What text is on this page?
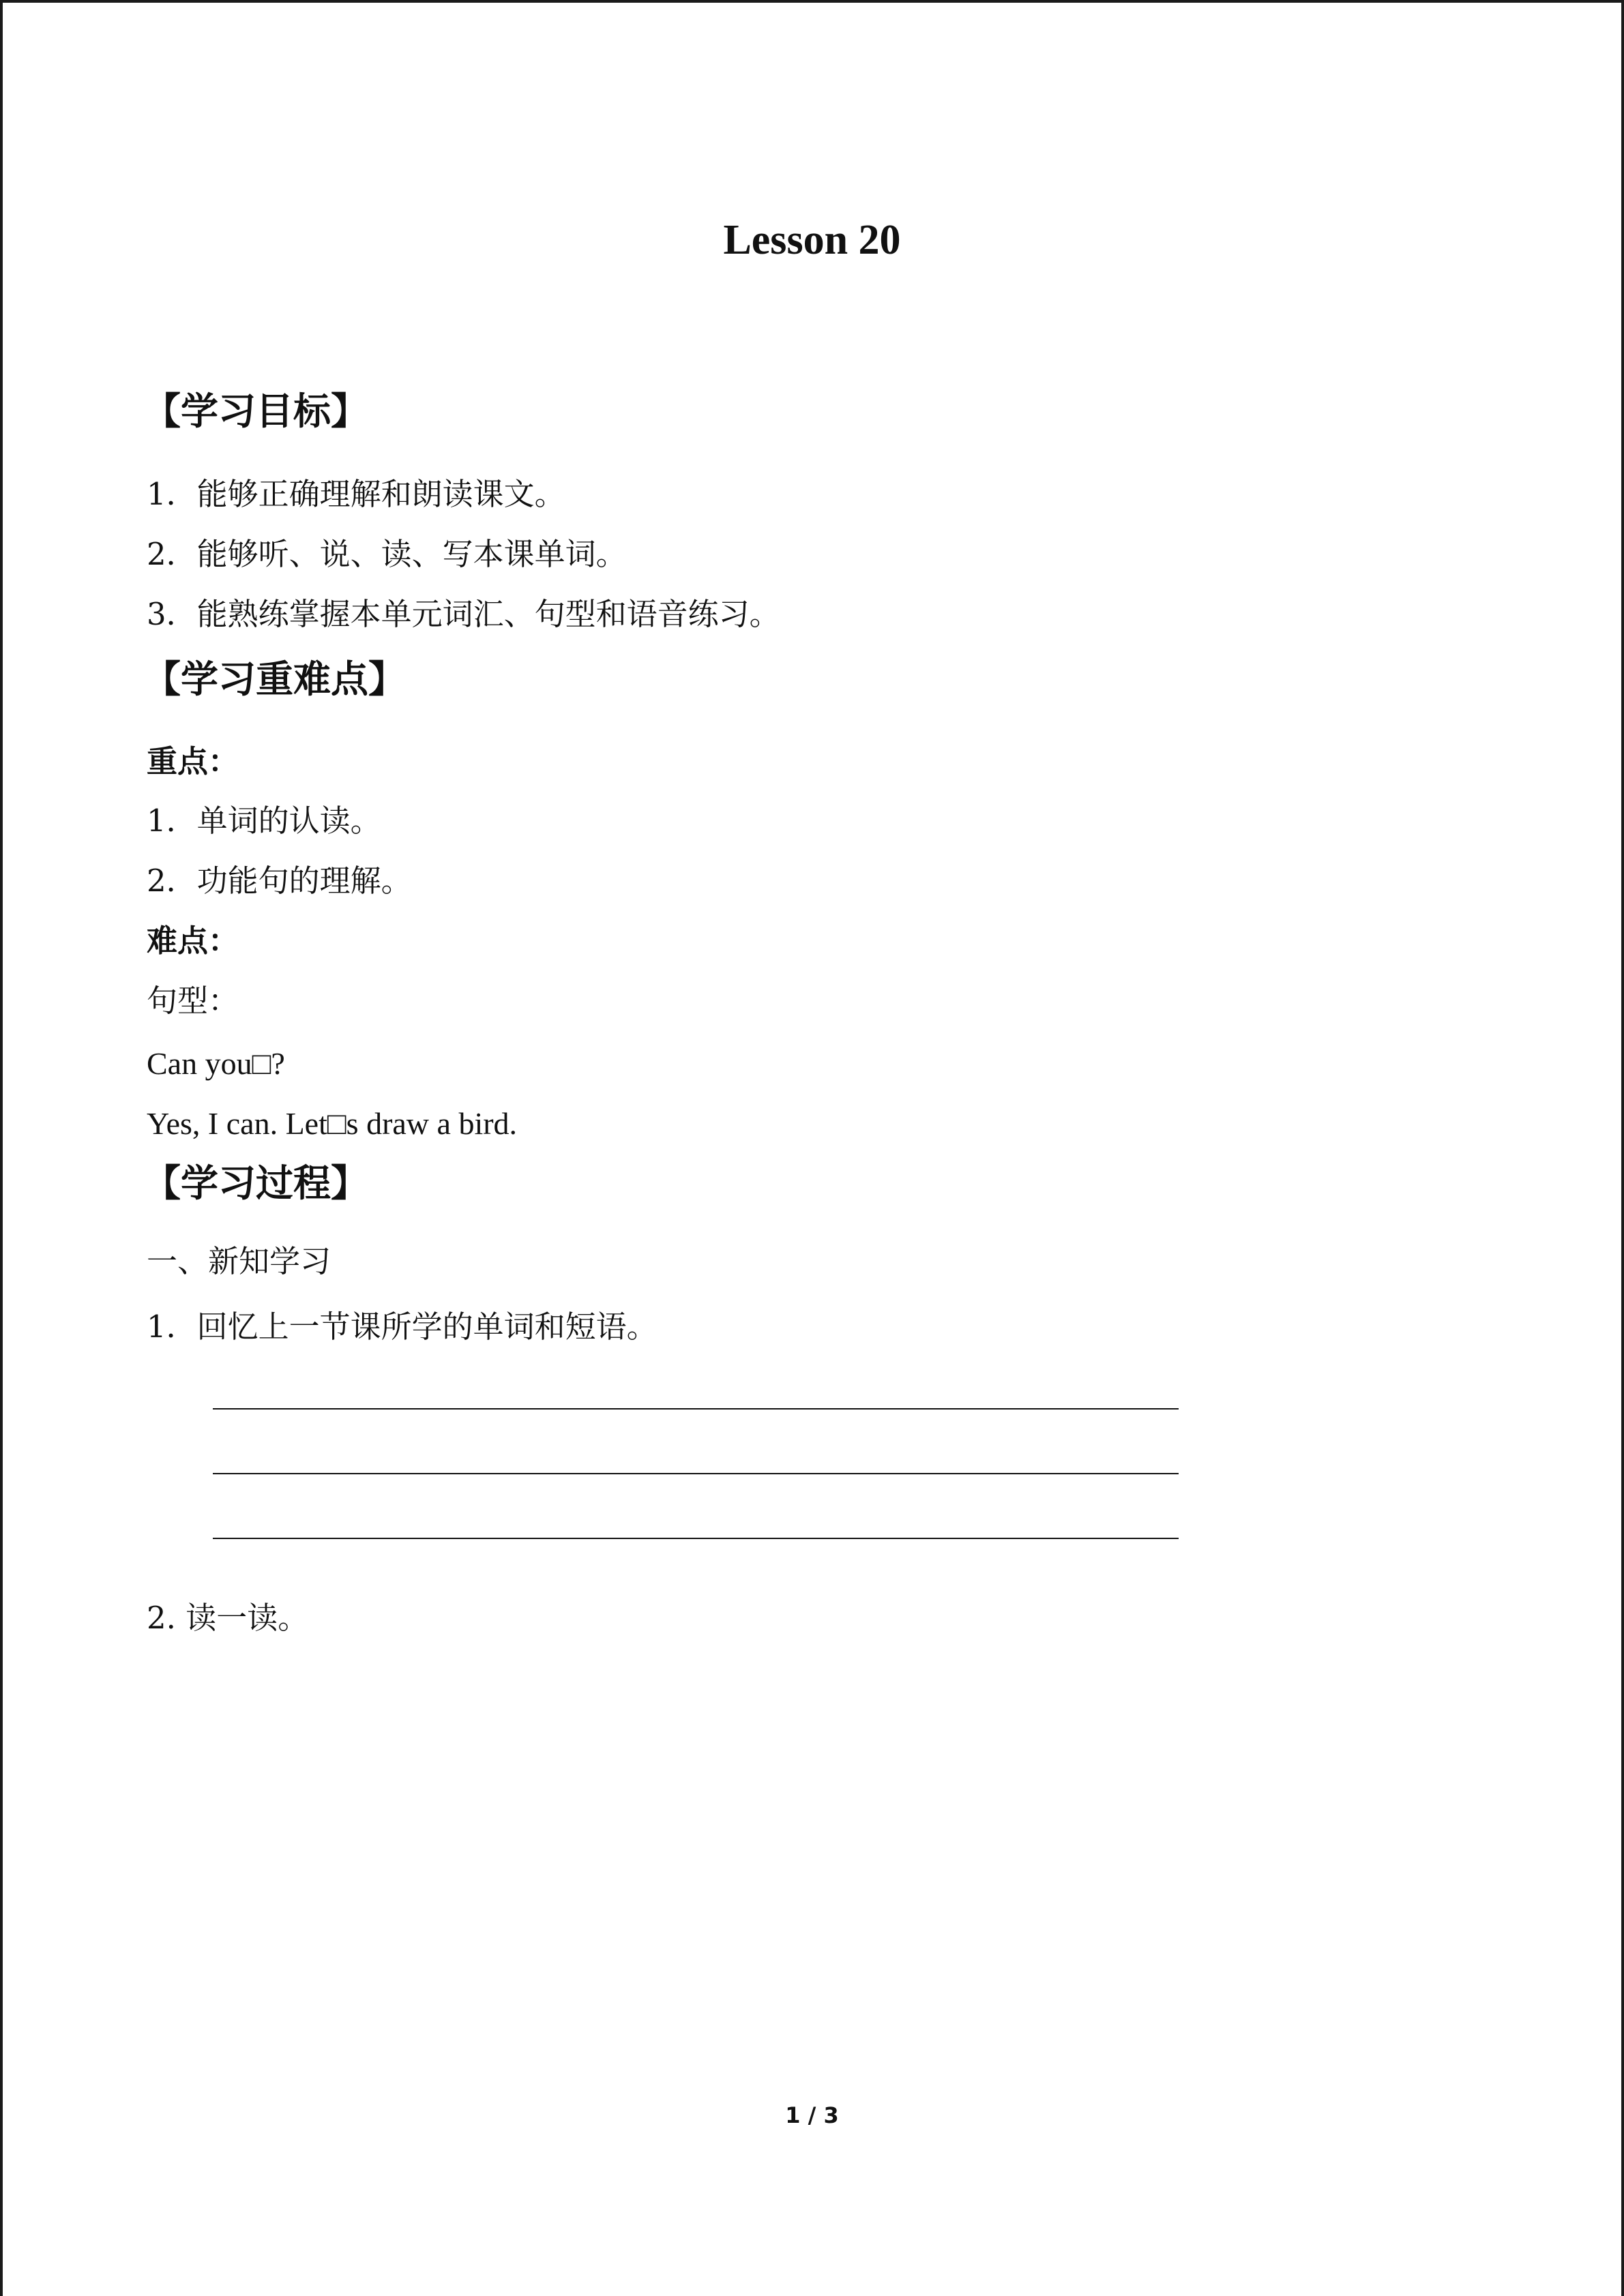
Lesson 20
【学习目标】
1．能够正确理解和朗读课文。
2．能够听、说、读、写本课单词。
3．能熟练掌握本单元词汇、句型和语音练习。
【学习重难点】
重点：
1．单词的认读。
2．功能句的理解。
难点：
句型：
Can you□?
Yes, I can. Let□s draw a bird.
【学习过程】
一、新知学习
1．回忆上一节课所学的单词和短语。
2. 读一读。
1 / 3
